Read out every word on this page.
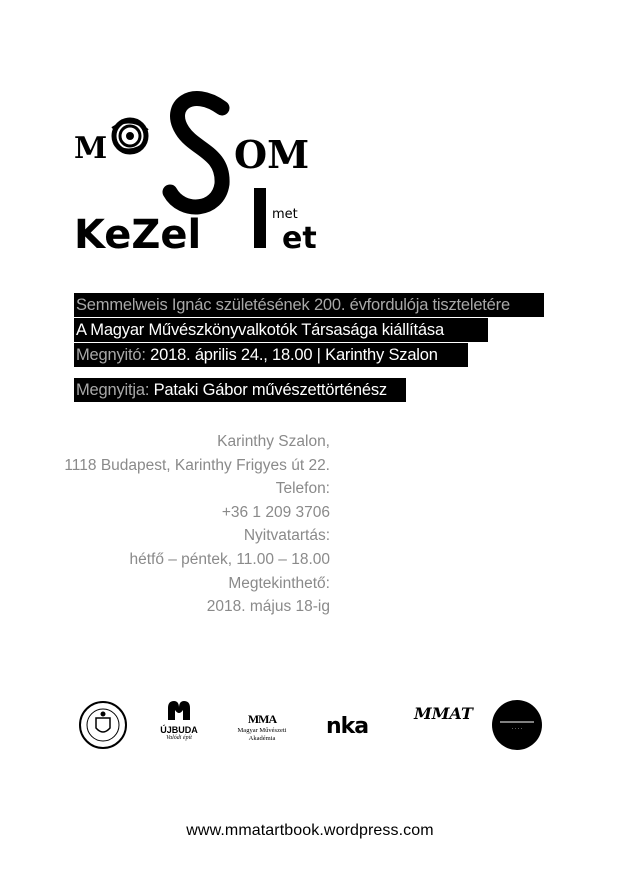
M	OM
KeZel	met
et
Semmelweis Ignác születésének 200. évfordulója tiszteletére
A Magyar Művészkönyvalkotók Társasága kiállítása
Megnyitó: 2018. április 24., 18.00 | Karinthy Szalon
Megnyitja: Pataki Gábor művészettörténész
Karinthy Szalon,
1118 Budapest, Karinthy Frigyes út 22.
Telefon:
+36 1 209 3706
Nyitvatartás:
hétfő – péntek, 11.00 – 18.00
Megtekinthető:
2018. május 18-ig
ÚJBUDA
Valódi épít
MMA
Magyar Művészeti Akadémia	nka
MMAT
· · · ·
www.mmatartbook.wordpress.com
